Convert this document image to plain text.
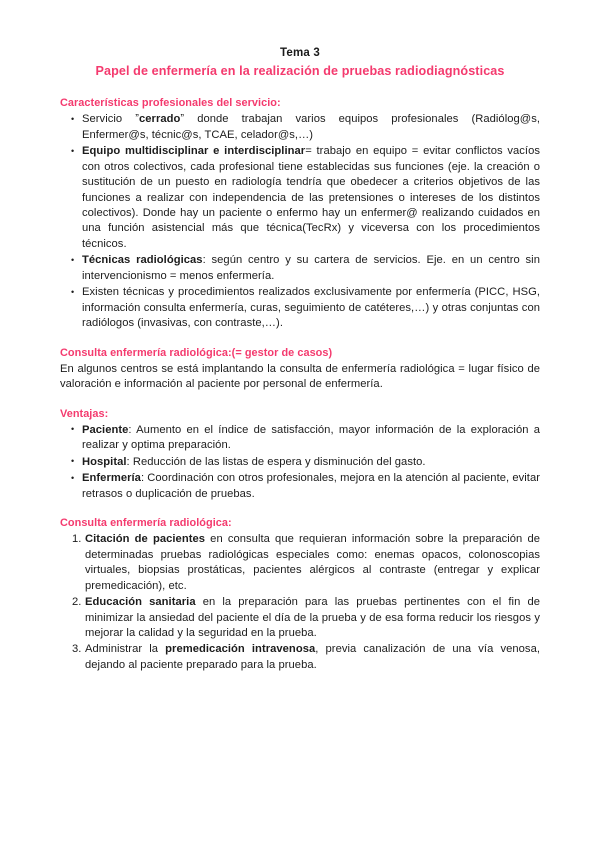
Tema 3
Papel de enfermería en la realización de pruebas radiodiagnósticas
Características profesionales del servicio:
• Servicio ˮcerradoˮ donde trabajan varios equipos profesionales (Radiólog@s, Enfermer@s, técnic@s, TCAE, celador@s,…)
• Equipo multidisciplinar e interdisciplinar= trabajo en equipo = evitar conflictos vacíos con otros colectivos, cada profesional tiene establecidas sus funciones (eje. la creación o sustitución de un puesto en radiología tendría que obedecer a criterios objetivos de las funciones a realizar con independencia de las pretensiones o intereses de los distintos colectivos). Donde hay un paciente o enfermo hay un enfermer@ realizando cuidados en una función asistencial más que técnica(TecRx) y viceversa con los procedimientos técnicos.
• Técnicas radiológicas: según centro y su cartera de servicios. Eje. en un centro sin intervencionismo = menos enfermería.
• Existen técnicas y procedimientos realizados exclusivamente por enfermería (PICC, HSG, información consulta enfermería, curas, seguimiento de catéteres,…) y otras conjuntas con radiólogos (invasivas, con contraste,…).
Consulta enfermería radiológica:(= gestor de casos)

En algunos centros se está implantando la consulta de enfermería radiológica = lugar físico de valoración e información al paciente por personal de enfermería.

Ventajas:
• Paciente: Aumento en el índice de satisfacción, mayor información de la exploración a realizar y optima preparación.
• Hospital: Reducción de las listas de espera y disminución del gasto.
• Enfermería: Coordinación con otros profesionales, mejora en la atención al paciente, evitar retrasos o duplicación de pruebas.
Consulta enfermería radiológica:
Citación de pacientes en consulta que requieran información sobre la preparación de determinadas pruebas radiológicas especiales como: enemas opacos, colonoscopias virtuales, biopsias prostáticas, pacientes alérgicos al contraste (entregar y explicar premedicación), etc.
Educación sanitaria en la preparación para las pruebas pertinentes con el fin de minimizar la ansiedad del paciente el día de la prueba y de esa forma reducir los riesgos y mejorar la calidad y la seguridad en la prueba.
Administrar la premedicación intravenosa, previa canalización de una vía venosa, dejando al paciente preparado para la prueba.
